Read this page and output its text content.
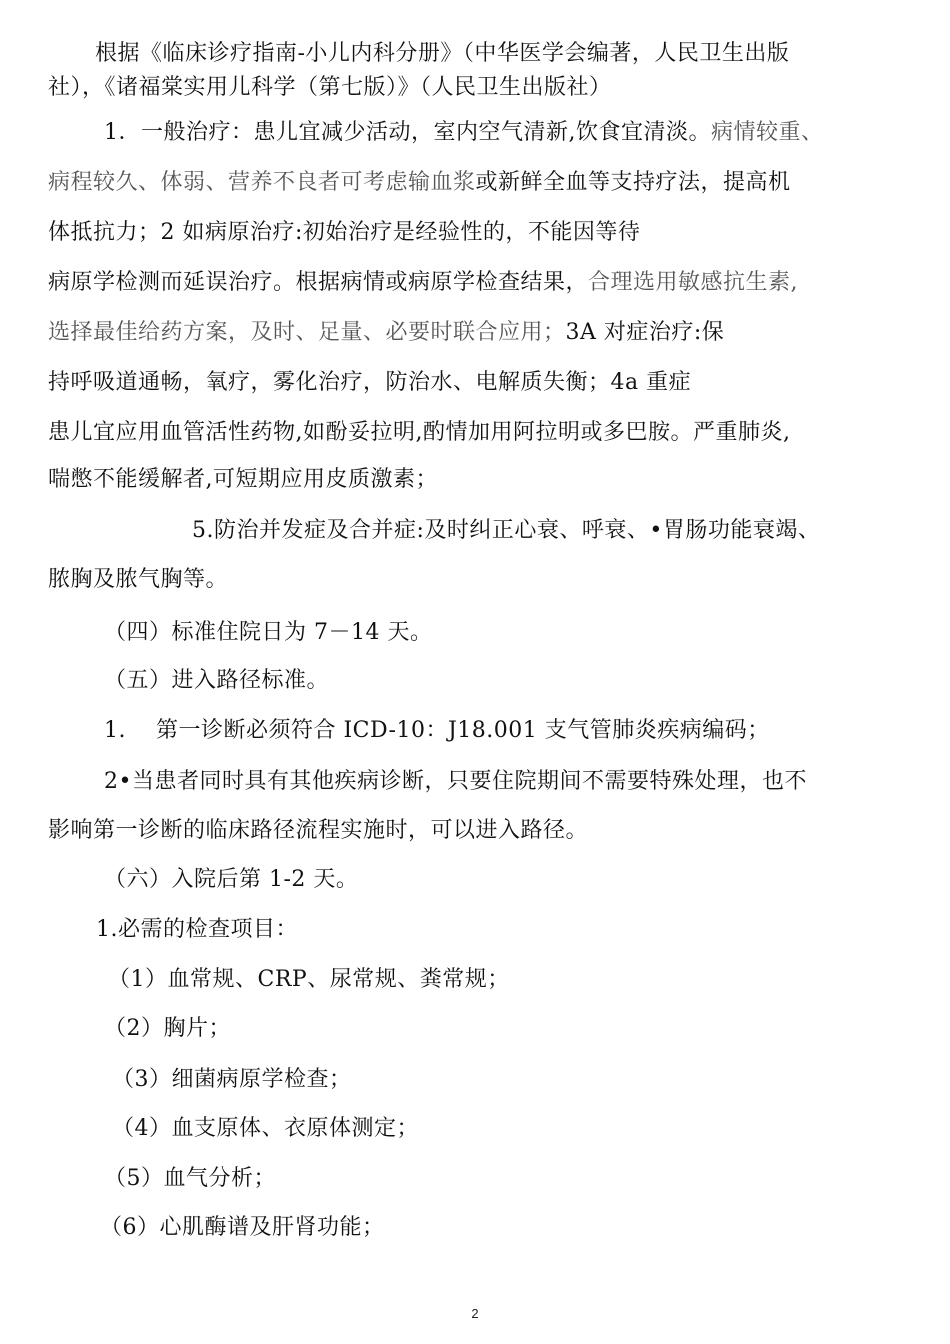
根据《临床诊疗指南-小儿内科分册》（中华医学会编著，人民卫生出版
社），《诸福棠实用儿科学（第七版）》（人民卫生出版社）
1．一般治疗：患儿宜减少活动，室内空气清新,饮食宜清淡。病情较重、
病程较久、体弱、营养不良者可考虑输血浆或新鲜全血等支持疗法，提高机
体抵抗力；2 如病原治疗:初始治疗是经验性的，不能因等待
病原学检测而延误治疗。根据病情或病原学检查结果，合理选用敏感抗生素,
选择最佳给药方案，及时、足量、必要时联合应用；3A 对症治疗:保
持呼吸道通畅，氧疗，雾化治疗，防治水、电解质失衡；4a 重症
患儿宜应用血管活性药物,如酚妥拉明,酌情加用阿拉明或多巴胺。严重肺炎,
喘憋不能缓解者,可短期应用皮质激素；
5.防治并发症及合并症:及时纠正心衰、呼衰、•胃肠功能衰竭、
脓胸及脓气胸等。
（四）标准住院日为 7－14 天。
（五）进入路径标准。
1.    第一诊断必须符合 ICD-10：J18.001 支气管肺炎疾病编码；
2•当患者同时具有其他疾病诊断，只要住院期间不需要特殊处理，也不
影响第一诊断的临床路径流程实施时，可以进入路径。
（六）入院后第 1-2 天。
1.必需的检查项目：
（1）血常规、CRP、尿常规、粪常规；
（2）胸片；
（3）细菌病原学检查；
（4）血支原体、衣原体测定；
（5）血气分析；
（6）心肌酶谱及肝肾功能；
2
